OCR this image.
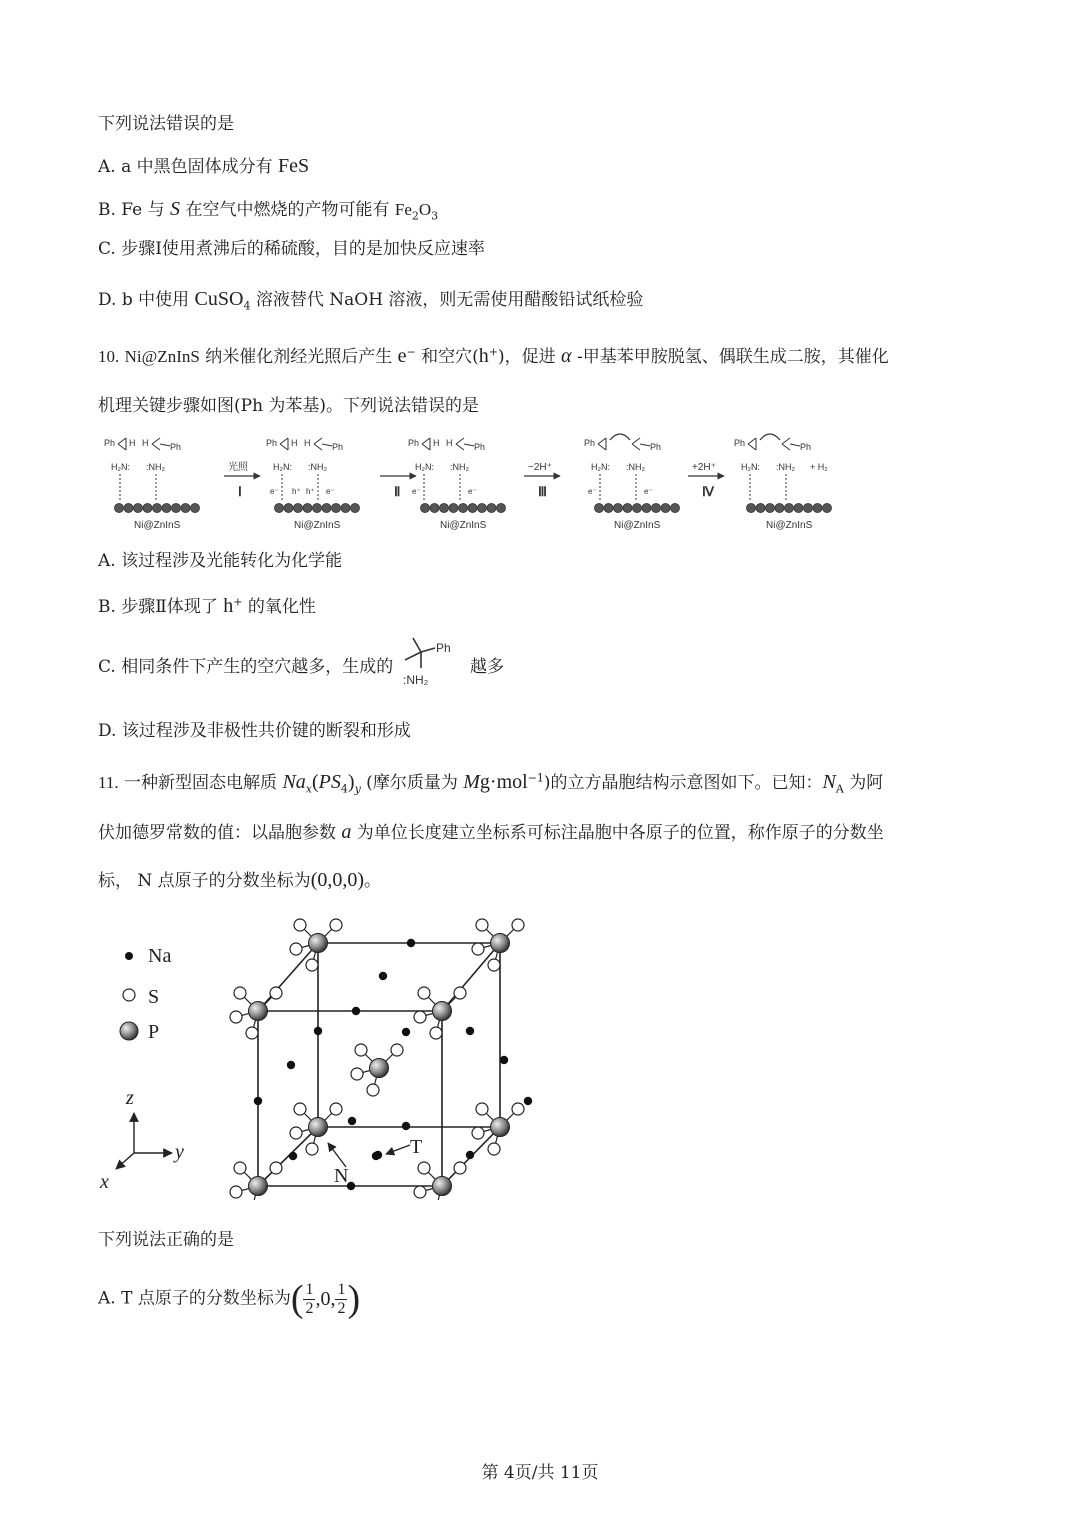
下列说法错误的是
A. a 中黑色固体成分有 FeS
B. Fe 与 S 在空气中燃烧的产物可能有 $Fe_2O_3$
C. 步骤Ⅰ使用煮沸后的稀硫酸，目的是加快反应速率
D. b 中使用 CuSO$_4$ 溶液替代 NaOH 溶液，则无需使用醋酸铅试纸检验
10. Ni@ZnInS 纳米催化剂经光照后产生 e− 和空穴(h+)，促进 α -甲基苯甲胺脱氢、偶联生成二胺，其催化
机理关键步骤如图(Ph 为苯基)。下列说法错误的是
Ph H
H₂N:
H Ph
:NH₂
Ni@ZnInS
光照
Ⅰ
Ph H
H₂N:
H Ph
:NH₂
e⁻ h⁺ h⁺ e⁻
Ni@ZnInS
Ⅱ
Ph H
H₂N:
H Ph
:NH₂
e⁻	e⁻
Ni@ZnInS
−2H⁺
Ⅲ
Ph
H₂N:
Ph
:NH₂
e⁻	e⁻
Ni@ZnInS
+2H⁺
Ⅳ
Ph
H₂N:
Ph
:NH₂ + H₂
Ni@ZnInS
A. 该过程涉及光能转化为化学能
B. 步骤Ⅱ体现了 h+ 的氧化性
C. 相同条件下产生的空穴越多，生成的
Ph
:NH₂
越多
D. 该过程涉及非极性共价键的断裂和形成
11. 一种新型固态电解质 $Na_x(PS_4)_y$ (摩尔质量为 Mg·mol$^{-1}$)的立方晶胞结构示意图如下。已知：$N_A$ 为阿
伏加德罗常数的值：以晶胞参数 a 为单位长度建立坐标系可标注晶胞中各原子的位置，称作原子的分数坐
标， N 点原子的分数坐标为(0,0,0)。
Na
S
P
z
y
x	N
T
下列说法正确的是
A. T 点原子的分数坐标为( $\frac{1}{2} ,0$, $\frac{1}{2}$ )
第 4页/共 11页
